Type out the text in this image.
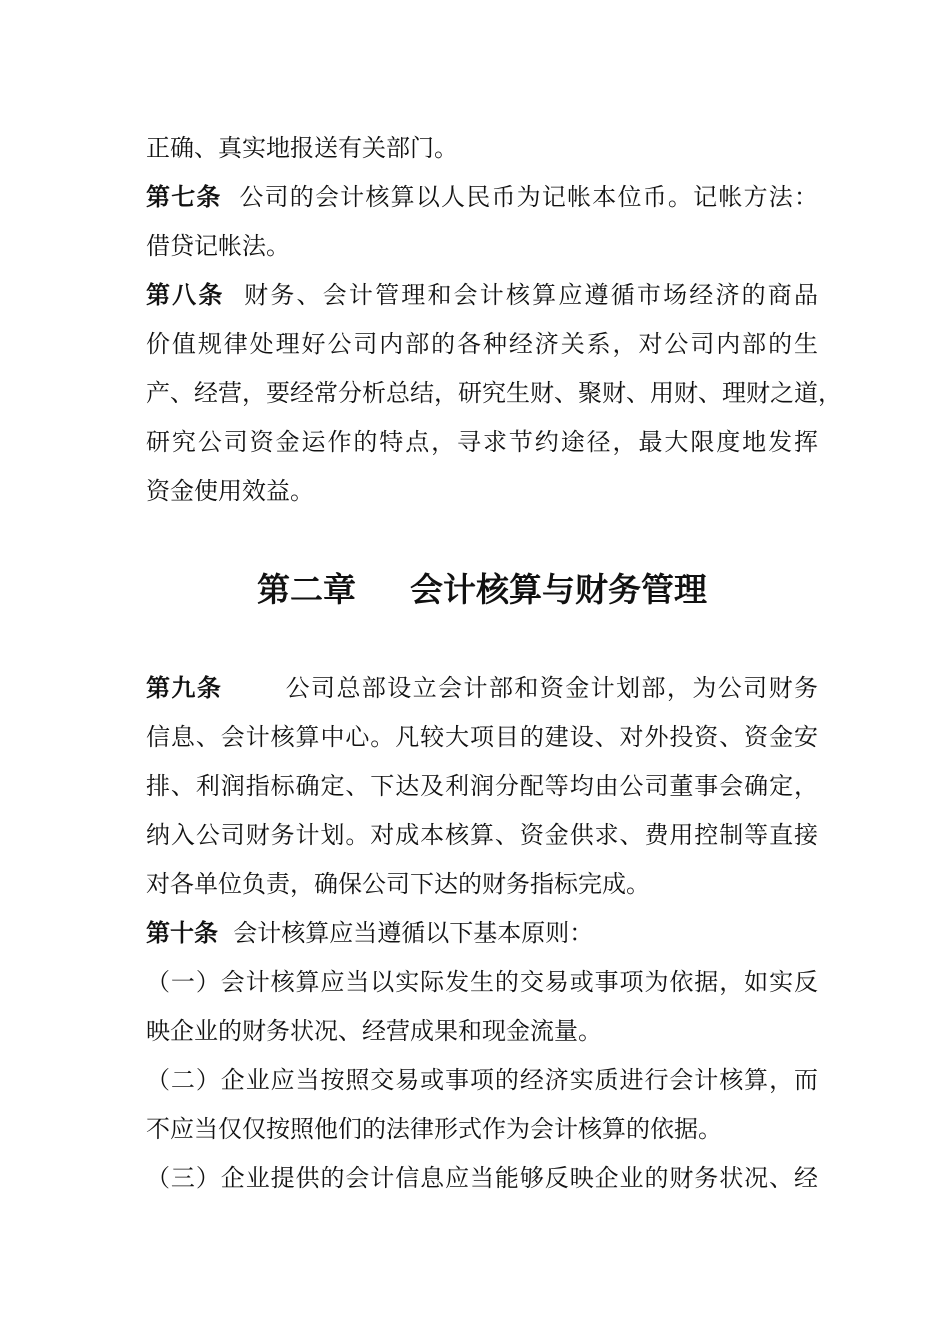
正确、真实地报送有关部门。
第七条 公司的会计核算以人民币为记帐本位币。记帐方法：
借贷记帐法。
第八条 财务、会计管理和会计核算应遵循市场经济的商品
价值规律处理好公司内部的各种经济关系，对公司内部的生
产、经营，要经常分析总结，研究生财、聚财、用财、理财之道，
研究公司资金运作的特点，寻求节约途径，最大限度地发挥
资金使用效益。
第二章 会计核算与财务管理
第九条	公司总部设立会计部和资金计划部，为公司财务
信息、会计核算中心。凡较大项目的建设、对外投资、资金安
排、利润指标确定、下达及利润分配等均由公司董事会确定，
纳入公司财务计划。对成本核算、资金供求、费用控制等直接
对各单位负责，确保公司下达的财务指标完成。
第十条 会计核算应当遵循以下基本原则：
（一）会计核算应当以实际发生的交易或事项为依据，如实反
映企业的财务状况、经营成果和现金流量。
（二）企业应当按照交易或事项的经济实质进行会计核算，而
不应当仅仅按照他们的法律形式作为会计核算的依据。
（三）企业提供的会计信息应当能够反映企业的财务状况、经
